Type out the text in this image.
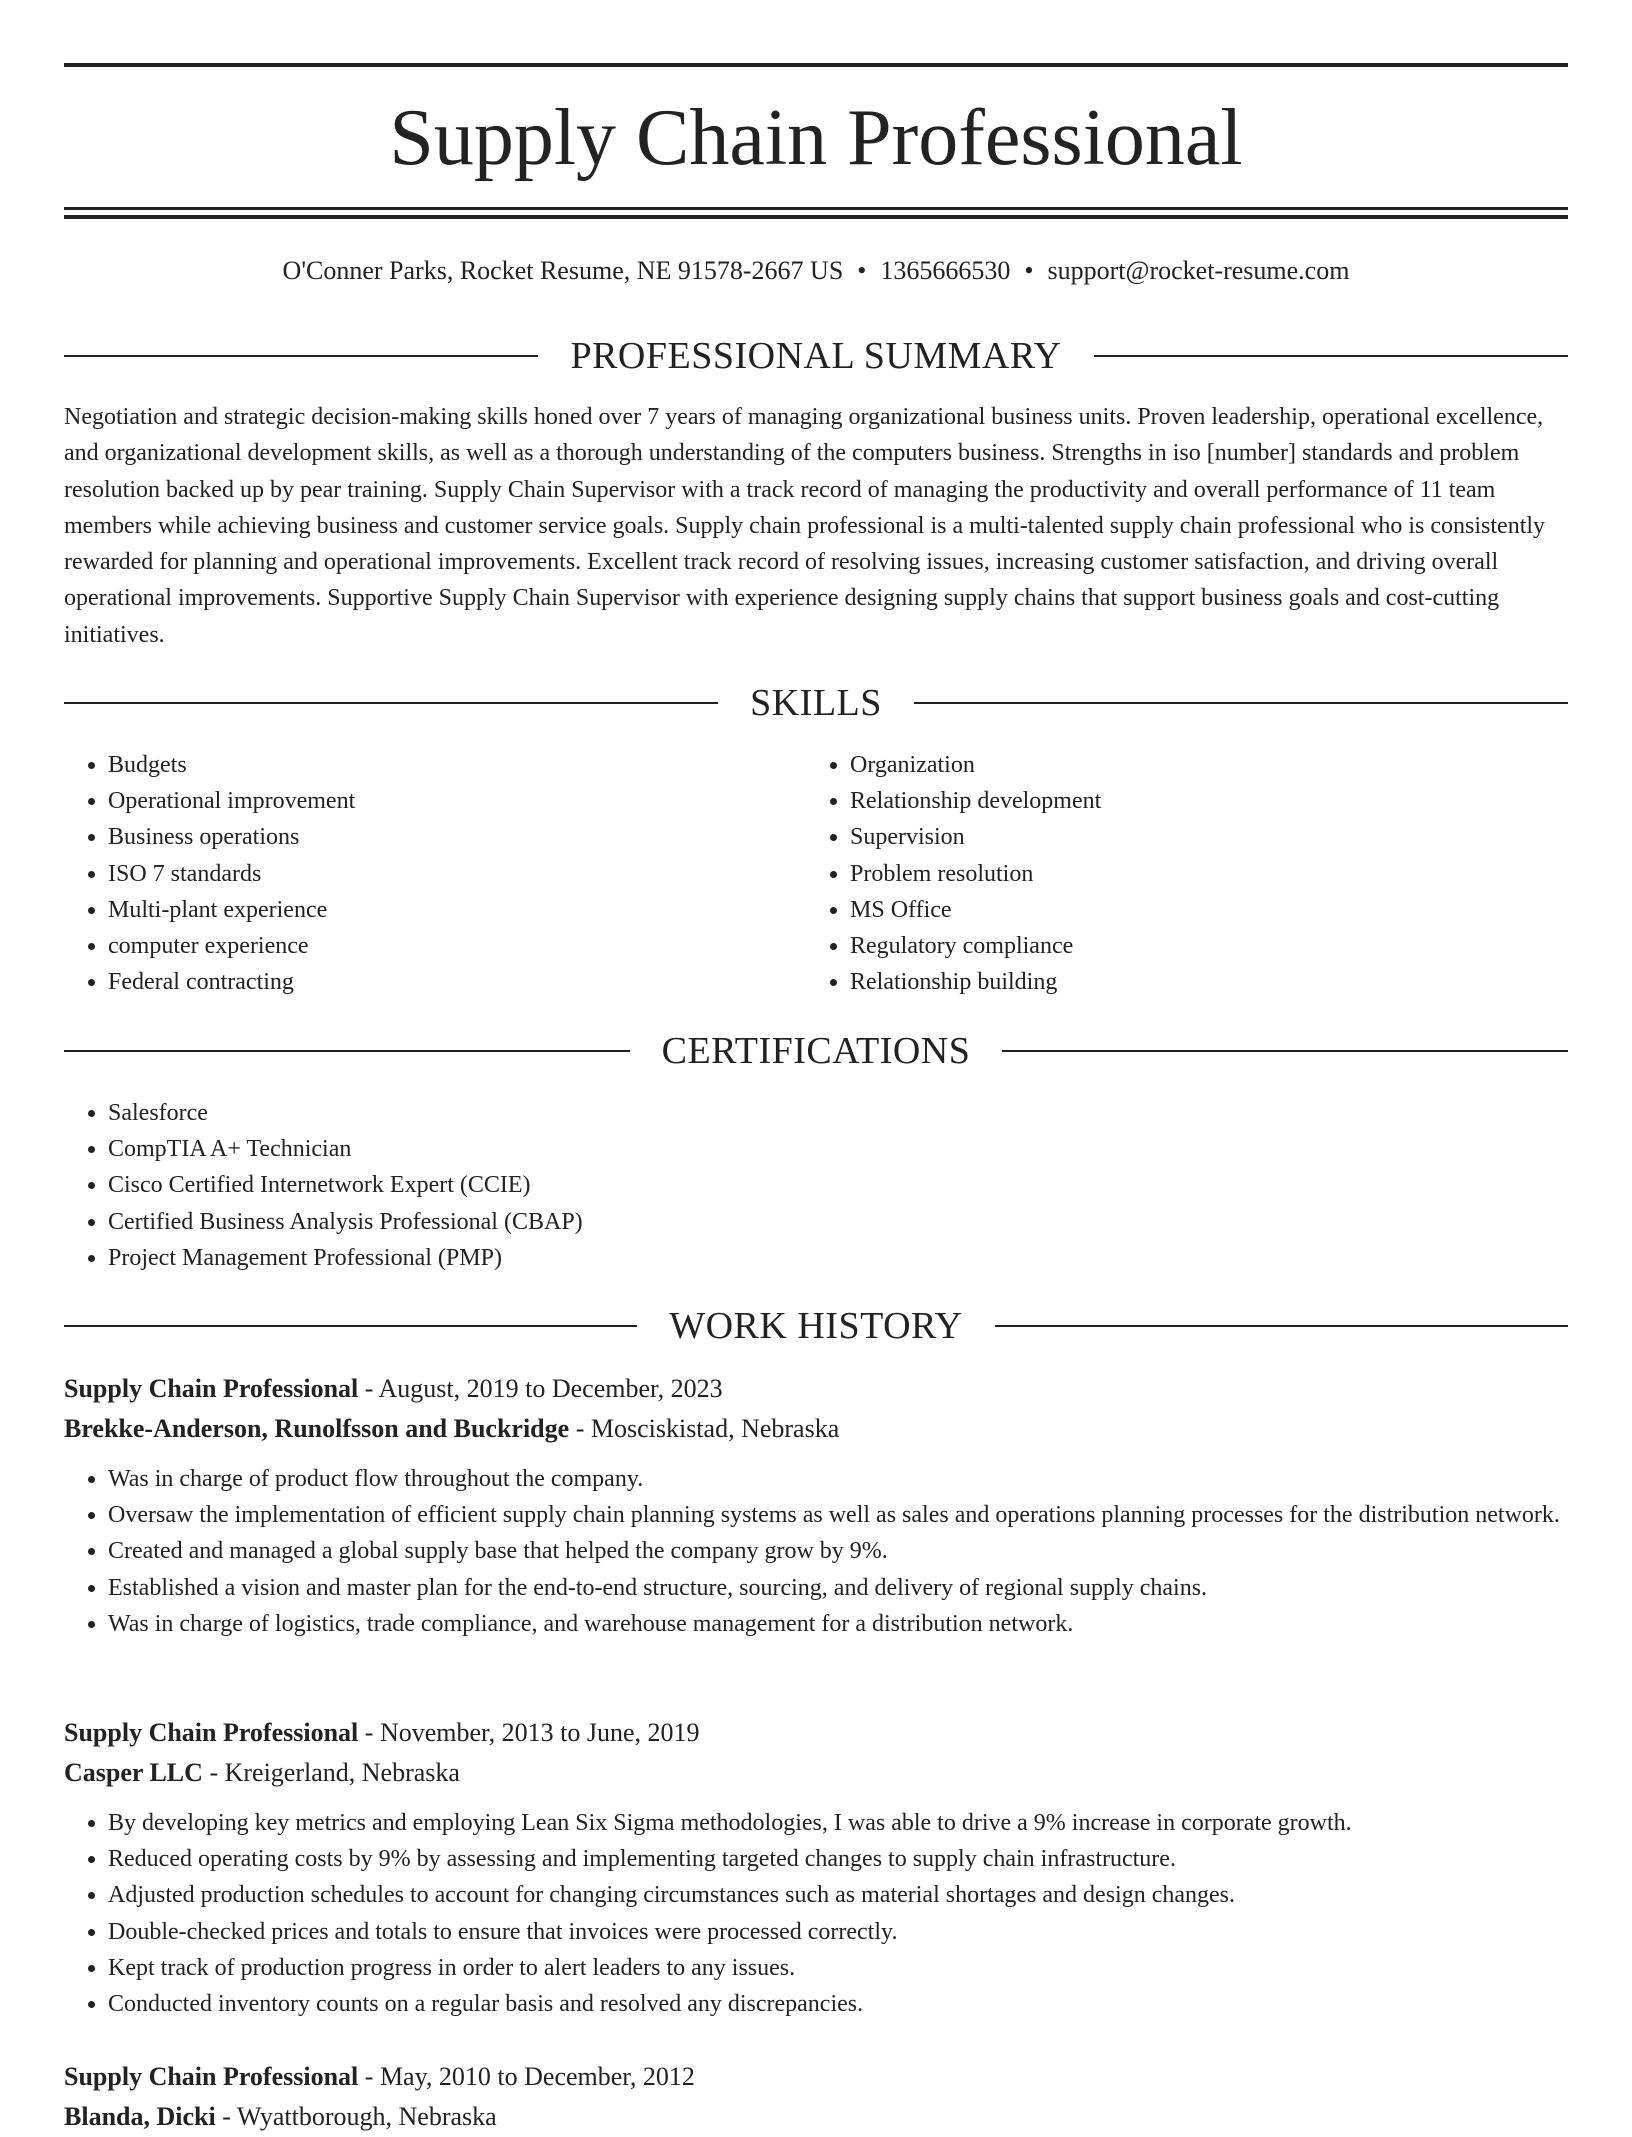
Supply Chain Professional
O'Conner Parks, Rocket Resume, NE 91578-2667 US • 1365666530 • support@rocket-resume.com
PROFESSIONAL SUMMARY

Negotiation and strategic decision-making skills honed over 7 years of managing organizational business units. Proven leadership, operational excellence, and organizational development skills, as well as a thorough understanding of the computers business. Strengths in iso [number] standards and problem resolution backed up by pear training. Supply Chain Supervisor with a track record of managing the productivity and overall performance of 11 team members while achieving business and customer service goals. Supply chain professional is a multi-talented supply chain professional who is consistently rewarded for planning and operational improvements. Excellent track record of resolving issues, increasing customer satisfaction, and driving overall operational improvements. Supportive Supply Chain Supervisor with experience designing supply chains that support business goals and cost-cutting initiatives.

SKILLS
• Budgets
• Operational improvement
• Business operations
• ISO 7 standards
• Multi-plant experience
• computer experience
• Federal contracting
• Organization
• Relationship development
• Supervision
• Problem resolution
• MS Office
• Regulatory compliance
• Relationship building
CERTIFICATIONS
• Salesforce
• CompTIA A+ Technician
• Cisco Certified Internetwork Expert (CCIE)
• Certified Business Analysis Professional (CBAP)
• Project Management Professional (PMP)
WORK HISTORY
Supply Chain Professional - August, 2019 to December, 2023
Brekke-Anderson, Runolfsson and Buckridge - Mosciskistad, Nebraska
• Was in charge of product flow throughout the company.
• Oversaw the implementation of efficient supply chain planning systems as well as sales and operations planning processes for the distribution network.
• Created and managed a global supply base that helped the company grow by 9%.
• Established a vision and master plan for the end-to-end structure, sourcing, and delivery of regional supply chains.
• Was in charge of logistics, trade compliance, and warehouse management for a distribution network.
Supply Chain Professional - November, 2013 to June, 2019
Casper LLC - Kreigerland, Nebraska
• By developing key metrics and employing Lean Six Sigma methodologies, I was able to drive a 9% increase in corporate growth.
• Reduced operating costs by 9% by assessing and implementing targeted changes to supply chain infrastructure.
• Adjusted production schedules to account for changing circumstances such as material shortages and design changes.
• Double-checked prices and totals to ensure that invoices were processed correctly.
• Kept track of production progress in order to alert leaders to any issues.
• Conducted inventory counts on a regular basis and resolved any discrepancies.
Supply Chain Professional - May, 2010 to December, 2012
Blanda, Dicki - Wyattborough, Nebraska
